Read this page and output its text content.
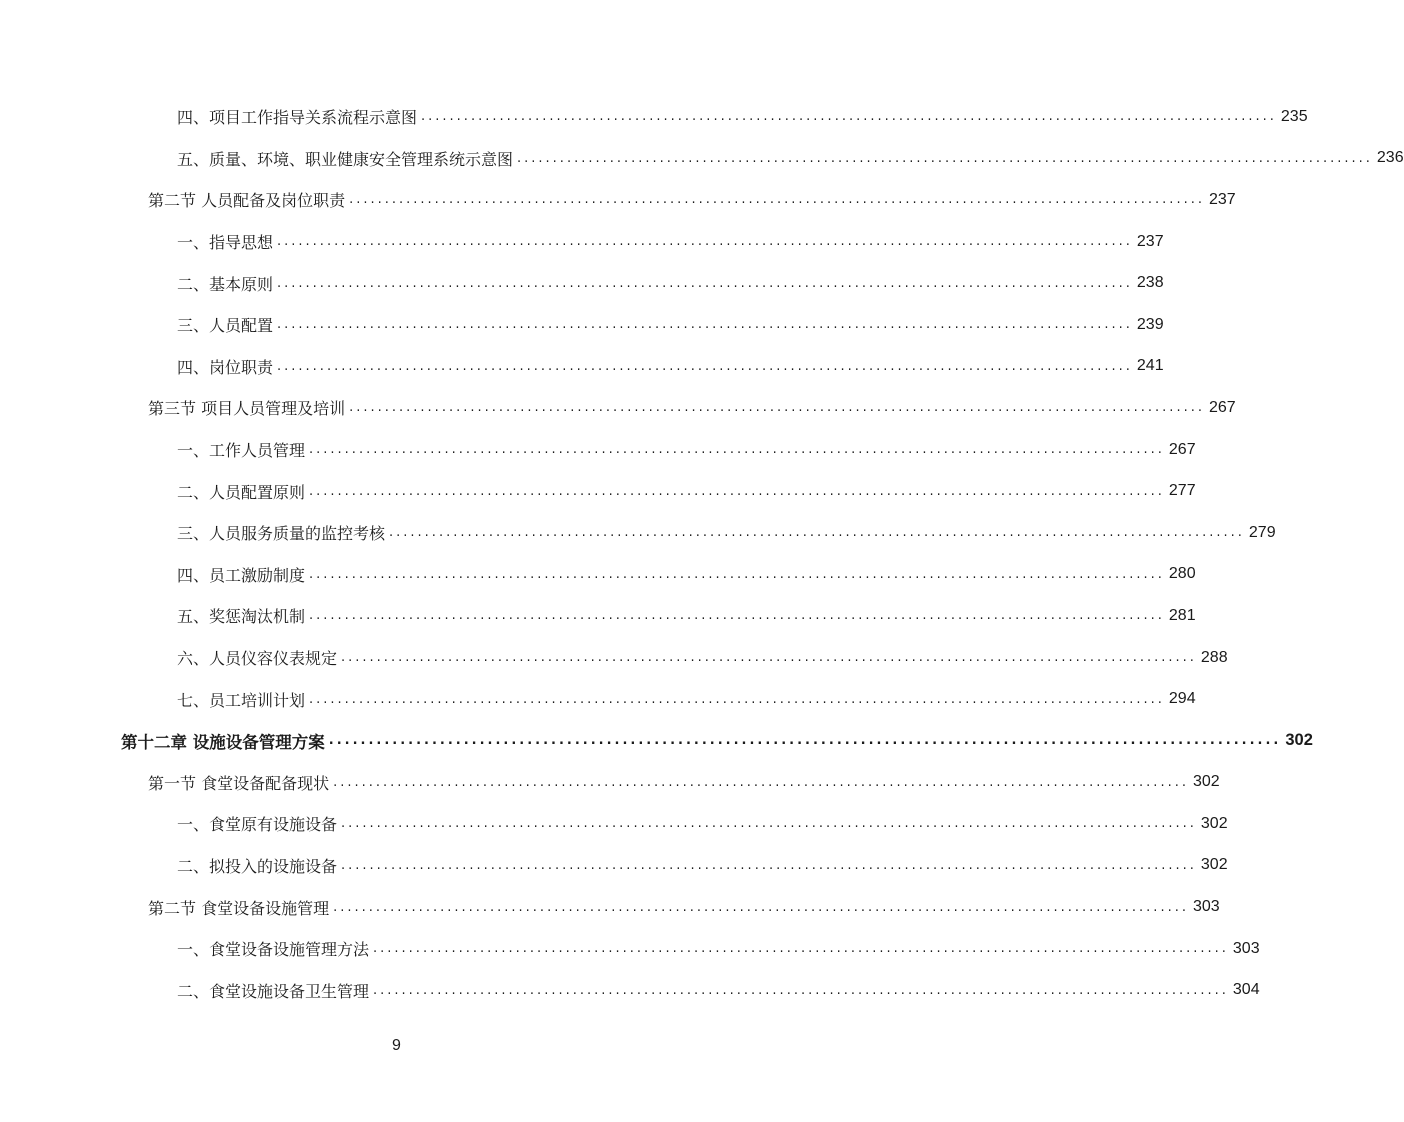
四、项目工作指导关系流程示意图 ........................................................................................................................ 235
五、质量、环境、职业健康安全管理系统示意图 ........................................................................................................................ 236
第二节 人员配备及岗位职责 ........................................................................................................................ 237
一、指导思想 ........................................................................................................................ 237
二、基本原则 ........................................................................................................................ 238
三、人员配置 ........................................................................................................................ 239
四、岗位职责 ........................................................................................................................ 241
第三节 项目人员管理及培训 ........................................................................................................................ 267
一、工作人员管理 ........................................................................................................................ 267
二、人员配置原则 ........................................................................................................................ 277
三、人员服务质量的监控考核 ........................................................................................................................ 279
四、员工激励制度 ........................................................................................................................ 280
五、奖惩淘汰机制 ........................................................................................................................ 281
六、人员仪容仪表规定 ........................................................................................................................ 288
七、员工培训计划 ........................................................................................................................ 294
第十二章 设施设备管理方案 ........................................................................................................................ 302
第一节 食堂设备配备现状 ........................................................................................................................ 302
一、食堂原有设施设备 ........................................................................................................................ 302
二、拟投入的设施设备 ........................................................................................................................ 302
第二节 食堂设备设施管理 ........................................................................................................................ 303
一、食堂设备设施管理方法 ........................................................................................................................ 303
二、食堂设施设备卫生管理 ........................................................................................................................ 304
9
